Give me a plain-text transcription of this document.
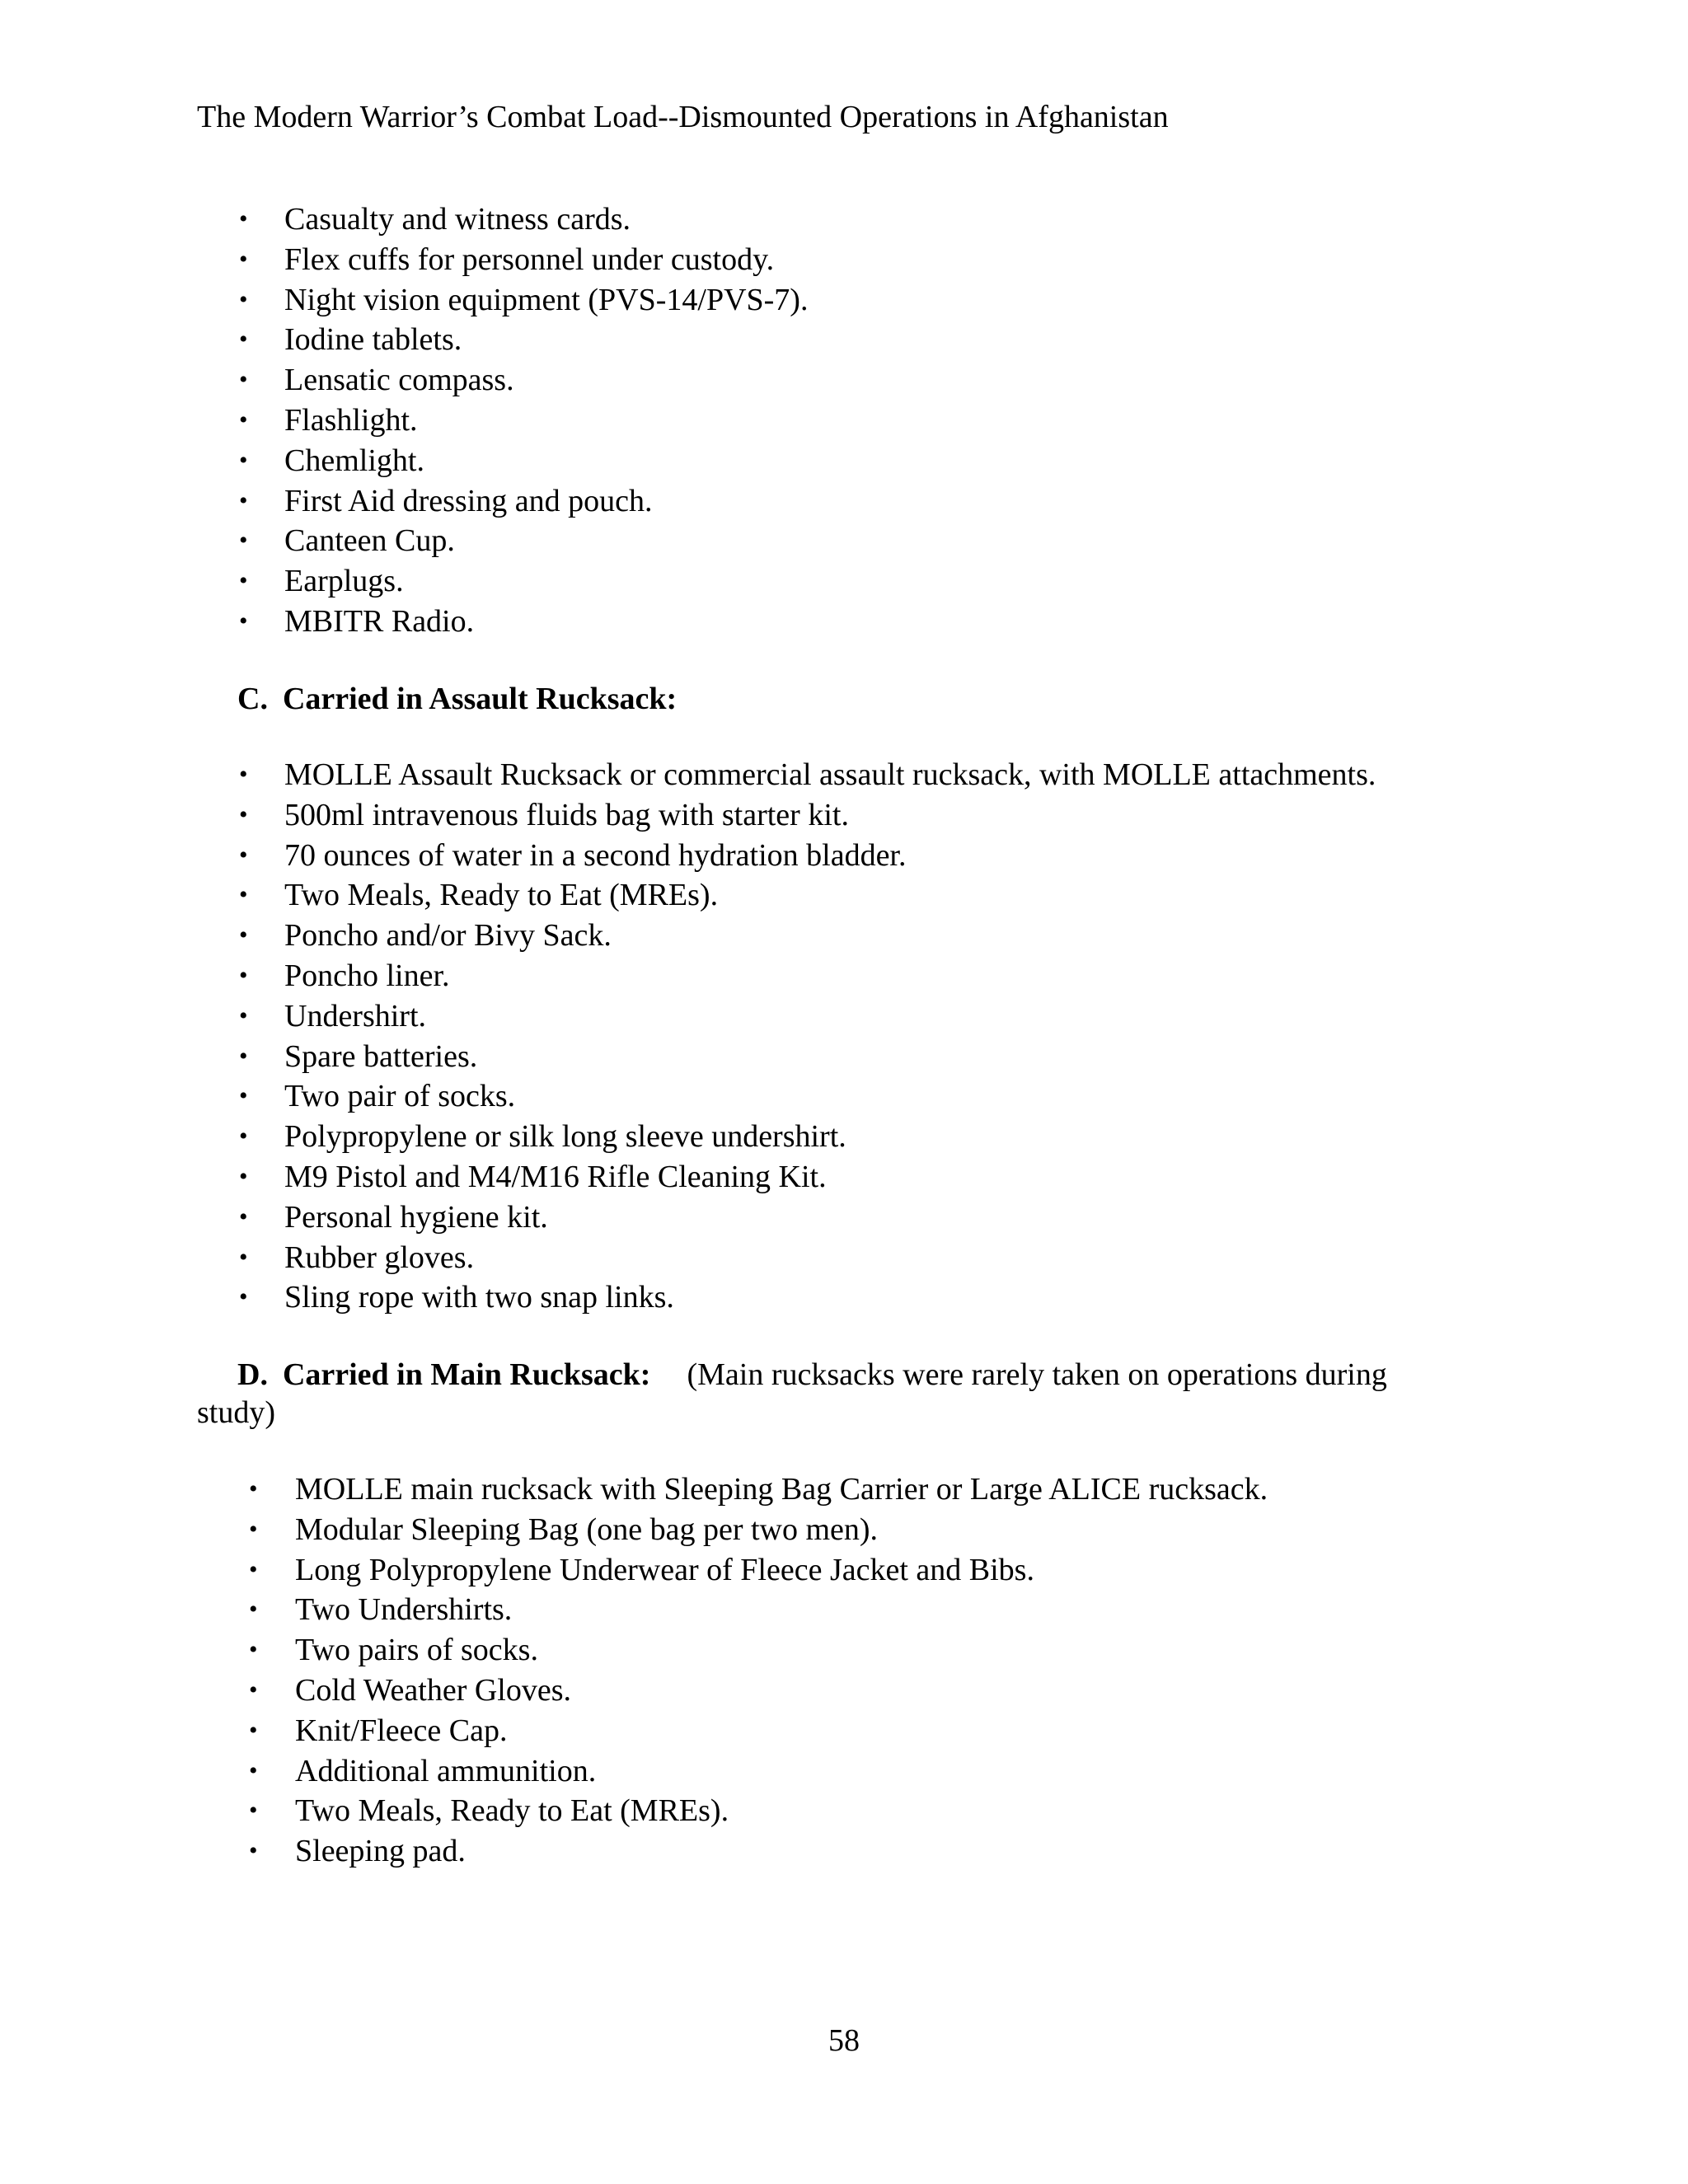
The Modern Warrior’s Combat Load--Dismounted Operations in Afghanistan
• Casualty and witness cards.
• Flex cuffs for personnel under custody.
• Night vision equipment (PVS-14/PVS-7).
• Iodine tablets.
• Lensatic compass.
• Flashlight.
• Chemlight.
• First Aid dressing and pouch.
• Canteen Cup.
• Earplugs.
• MBITR Radio.
C. Carried in Assault Rucksack:
• MOLLE Assault Rucksack or commercial assault rucksack, with MOLLE attachments.
• 500ml intravenous fluids bag with starter kit.
• 70 ounces of water in a second hydration bladder.
• Two Meals, Ready to Eat (MREs).
• Poncho and/or Bivy Sack.
• Poncho liner.
• Undershirt.
• Spare batteries.
• Two pair of socks.
• Polypropylene or silk long sleeve undershirt.
• M9 Pistol and M4/M16 Rifle Cleaning Kit.
• Personal hygiene kit.
• Rubber gloves.
• Sling rope with two snap links.
D. Carried in Main Rucksack: (Main rucksacks were rarely taken on operations during
study)
• MOLLE main rucksack with Sleeping Bag Carrier or Large ALICE rucksack.
• Modular Sleeping Bag (one bag per two men).
• Long Polypropylene Underwear of Fleece Jacket and Bibs.
• Two Undershirts.
• Two pairs of socks.
• Cold Weather Gloves.
• Knit/Fleece Cap.
• Additional ammunition.
• Two Meals, Ready to Eat (MREs).
• Sleeping pad.
58
